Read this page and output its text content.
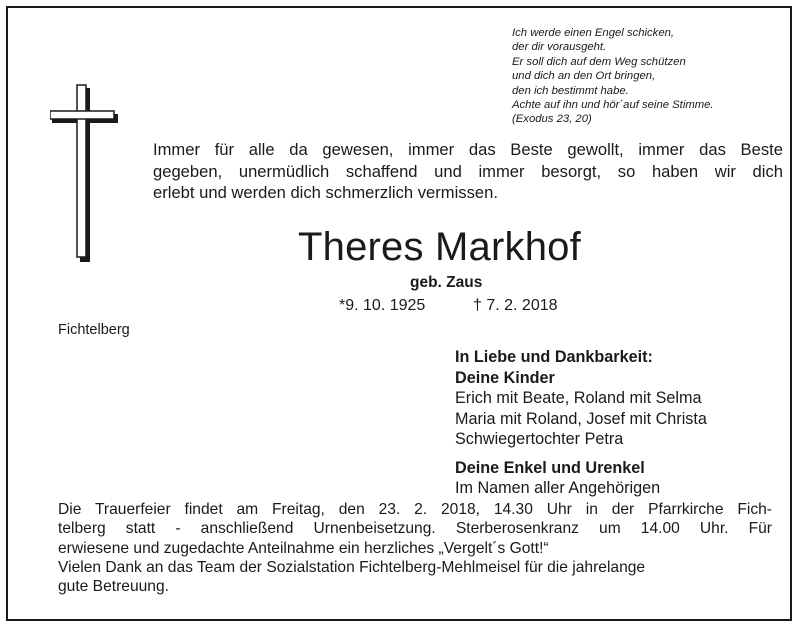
Ich werde einen Engel schicken,
der dir vorausgeht.
Er soll dich auf dem Weg schützen
und dich an den Ort bringen,
den ich bestimmt habe.
Achte auf ihn und hör´auf seine Stimme.
(Exodus 23, 20)
Immer für alle da gewesen, immer das Beste gewollt, immer das Beste
gegeben, unermüdlich schaffend und immer besorgt, so haben wir dich
erlebt und werden dich schmerzlich vermissen.
Theres Markhof
geb. Zaus
*9. 10. 1925	† 7. 2. 2018
Fichtelberg
In Liebe und Dankbarkeit:
Deine Kinder
Erich mit Beate, Roland mit Selma
Maria mit Roland, Josef mit Christa
Schwiegertochter Petra
Deine Enkel und Urenkel
Im Namen aller Angehörigen
Die Trauerfeier findet am Freitag, den 23. 2. 2018, 14.30 Uhr in der Pfarrkirche Fich-
telberg statt - anschließend Urnenbeisetzung. Sterberosenkranz um 14.00 Uhr. Für
erwiesene und zugedachte Anteilnahme ein herzliches „Vergelt´s Gott!“
Vielen Dank an das Team der Sozialstation Fichtelberg-Mehlmeisel für die jahrelange
gute Betreuung.
